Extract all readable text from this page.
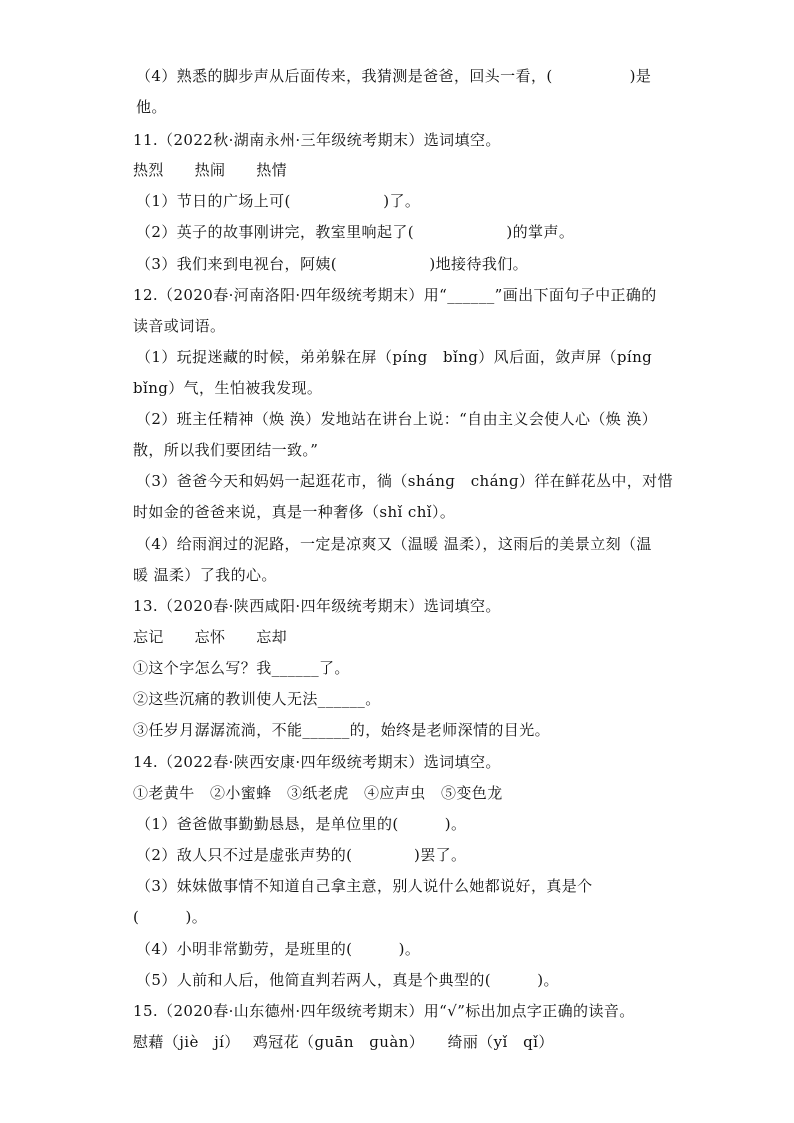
（4）熟悉的脚步声从后面传来，我猜测是爸爸，回头一看，(　　　　　)是
他。
11.（2022秋·湖南永州·三年级统考期末）选词填空。
热烈　　热闹　　热情
（1）节日的广场上可(　　　　　　)了。
（2）英子的故事刚讲完，教室里响起了(　　　　　　)的掌声。
（3）我们来到电视台，阿姨(　　　　　　)地接待我们。
12.（2020春·河南洛阳·四年级统考期末）用“______”画出下面句子中正确的
读音或词语。
（1）玩捉迷藏的时候，弟弟躲在屏（píng　bǐng）风后面，敛声屏（píng
bǐng）气，生怕被我发现。
（2）班主任精神（焕 涣）发地站在讲台上说：“自由主义会使人心（焕 涣）
散，所以我们要团结一致。”
（3）爸爸今天和妈妈一起逛花市，徜（shánɡ　chánɡ）徉在鲜花丛中，对惜
时如金的爸爸来说，真是一种奢侈（shǐ chǐ）。
（4）给雨润过的泥路，一定是凉爽又（温暖 温柔），这雨后的美景立刻（温
暖 温柔）了我的心。
13.（2020春·陕西咸阳·四年级统考期末）选词填空。
忘记　　忘怀　　忘却
①这个字怎么写？我______了。
②这些沉痛的教训使人无法______。
③任岁月潺潺流淌，不能______的，始终是老师深情的目光。
14.（2022春·陕西安康·四年级统考期末）选词填空。
①老黄牛　②小蜜蜂　③纸老虎　④应声虫　⑤变色龙
（1）爸爸做事勤勤恳恳，是单位里的(　　　)。
（2）敌人只不过是虚张声势的(　　　　)罢了。
（3）妹妹做事情不知道自己拿主意，别人说什么她都说好，真是个
(　　　)。
（4）小明非常勤劳，是班里的(　　　)。
（5）人前和人后，他简直判若两人，真是个典型的(　　　)。
15.（2020春·山东德州·四年级统考期末）用“√”标出加点字正确的读音。
慰藉（jiè　jí）　 鸡冠花（ɡuān　ɡuàn）　　绮丽（yǐ　qǐ）
